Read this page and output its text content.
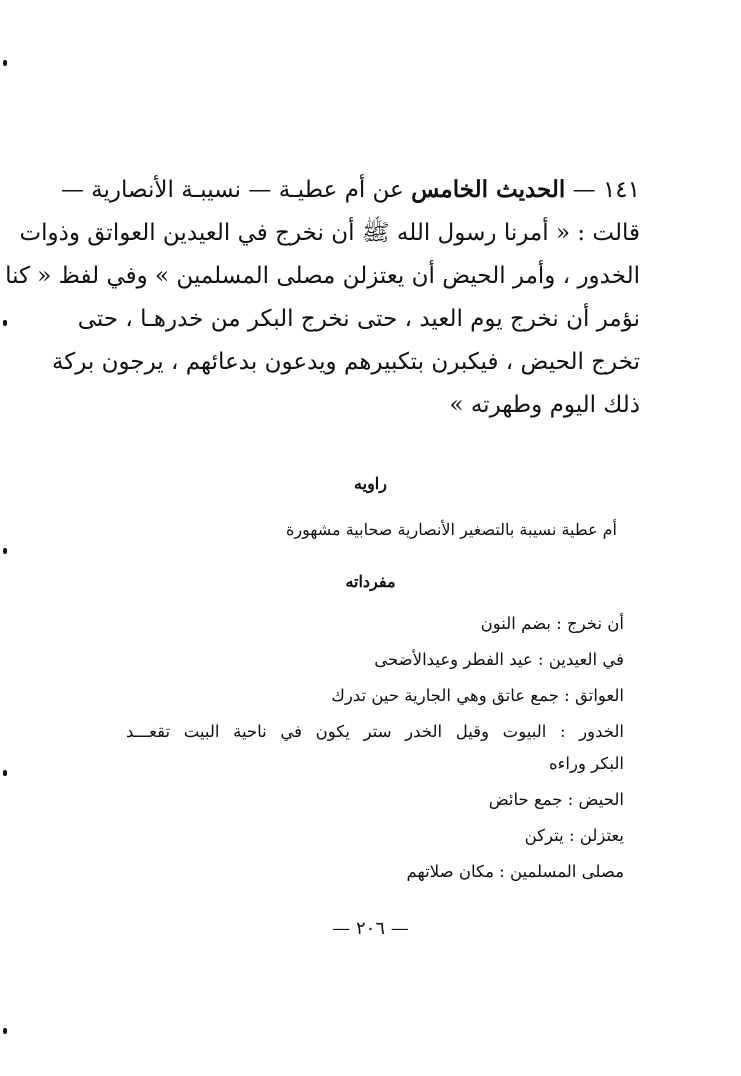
١٤١ — الحديث الخامس عن أم عطيـة — نسيبـة الأنصارية —
قالت : « أمرنا رسول الله ﷺ أن نخرج في العيدين العواتق وذوات
الخدور ، وأمر الحيض أن يعتزلن مصلى المسلمين » وفي لفظ « كنا
نؤمر أن نخرج يوم العيد ، حتى نخرج البكر من خدرهـا ، حتى
تخرج الحيض ، فيكبرن بتكبيرهم ويدعون بدعائهم ، يرجون بركة
ذلك اليوم وطهرته »
راويه
أم عطية نسيبة بالتصغير الأنصارية صحابية مشهورة
مفرداته
أن نخرج : بضم النون
في العيدين : عيد الفطر وعيدالأضحى
العواتق : جمع عاتق وهي الجارية حين تدرك
الخدور : البيوت وقيل الخدر ستر يكون في ناحية البيت تقعـــد
البكر وراءه
الحيض : جمع حائض
يعتزلن : يتركن
مصلى المسلمين : مكان صلاتهم
— ٢٠٦ —
